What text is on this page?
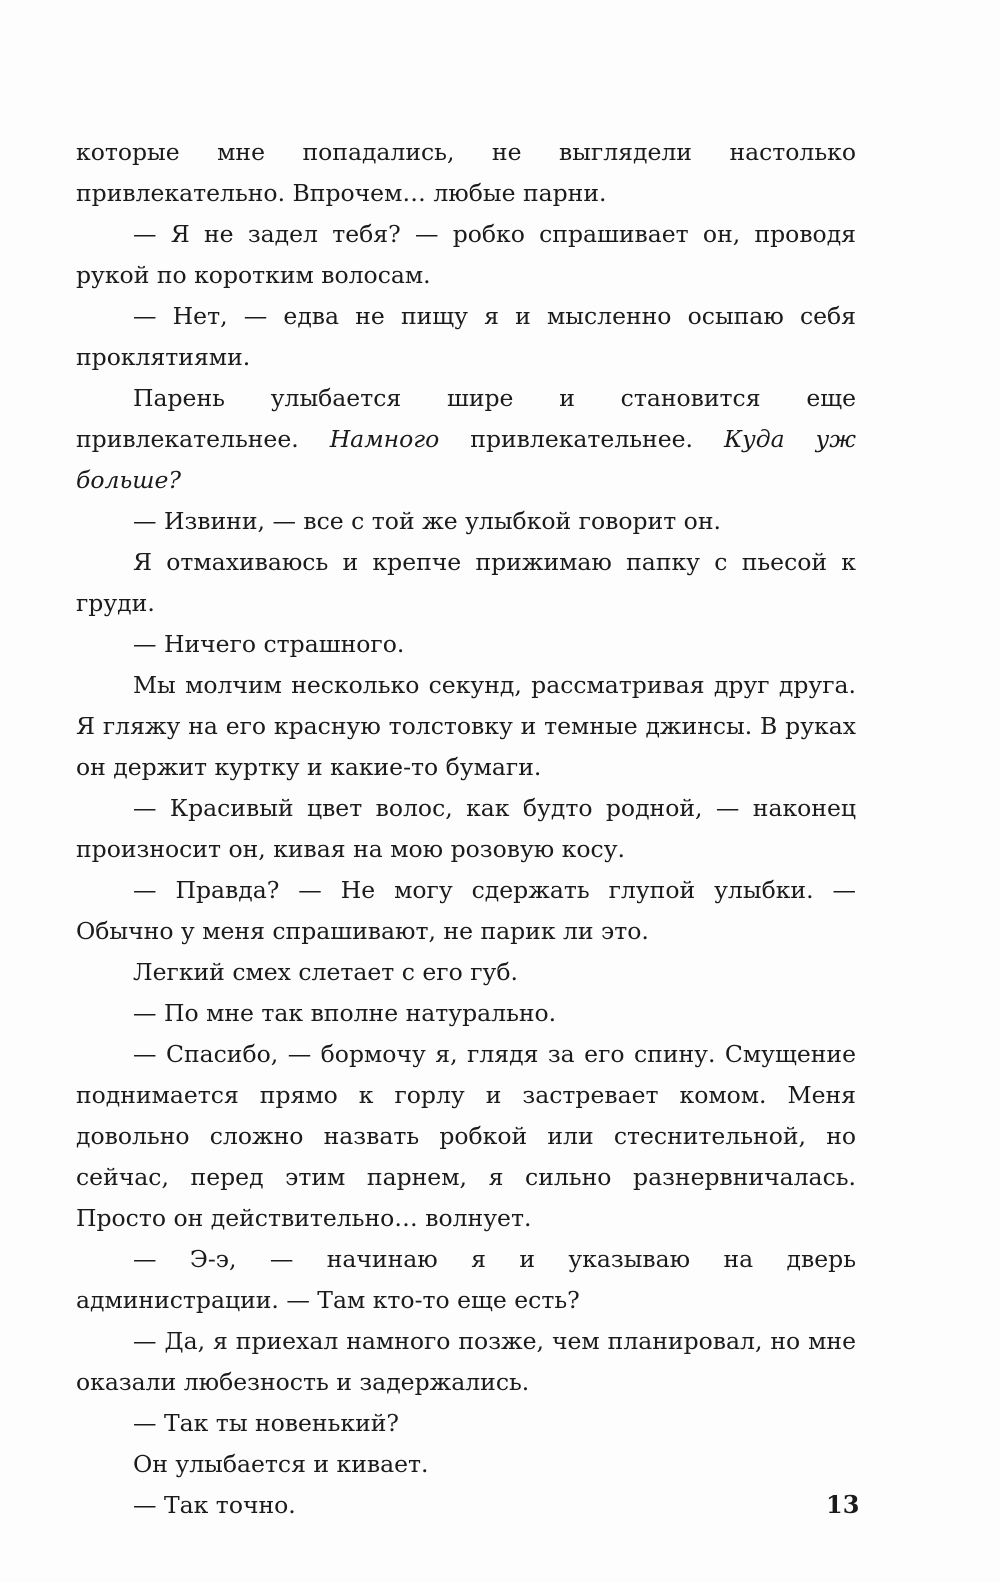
которые мне попадались, не выглядели настолько привлекательно. Впрочем… любые парни.

— Я не задел тебя? — робко спрашивает он, проводя рукой по коротким волосам.

— Нет, — едва не пищу я и мысленно осыпаю себя проклятиями.

Парень улыбается шире и становится еще привлекательнее. Намного привлекательнее. Куда уж больше?

— Извини, — все с той же улыбкой говорит он.

Я отмахиваюсь и крепче прижимаю папку с пьесой к груди.

— Ничего страшного.

Мы молчим несколько секунд, рассматривая друг друга. Я гляжу на его красную толстовку и темные джинсы. В руках он держит куртку и какие-то бумаги.

— Красивый цвет волос, как будто родной, — наконец произносит он, кивая на мою розовую косу.

— Правда? — Не могу сдержать глупой улыбки. — Обычно у меня спрашивают, не парик ли это.

Легкий смех слетает с его губ.

— По мне так вполне натурально.

— Спасибо, — бормочу я, глядя за его спину. Смущение поднимается прямо к горлу и застревает комом. Меня довольно сложно назвать робкой или стеснительной, но сейчас, перед этим парнем, я сильно разнервничалась. Просто он действительно… волнует.

— Э-э, — начинаю я и указываю на дверь администрации. — Там кто-то еще есть?

— Да, я приехал намного позже, чем планировал, но мне оказали любезность и задержались.

— Так ты новенький?

Он улыбается и кивает.

— Так точно.	13
